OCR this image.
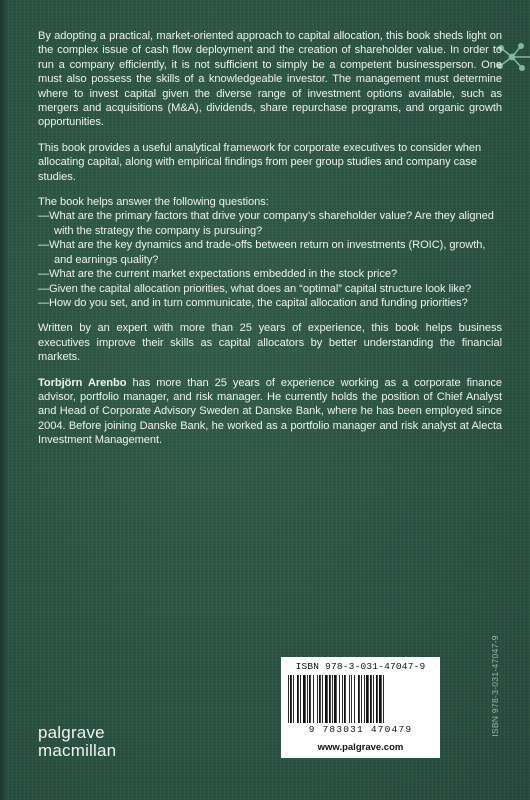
By adopting a practical, market-oriented approach to capital allocation, this book sheds light on the complex issue of cash flow deployment and the creation of shareholder value. In order to run a company efficiently, it is not sufficient to simply be a competent businessperson. One must also possess the skills of a knowledgeable investor. The management must determine where to invest capital given the diverse range of investment options available, such as mergers and acquisitions (M&A), dividends, share repurchase programs, and organic growth opportunities.

This book provides a useful analytical framework for corporate executives to consider when allocating capital, along with empirical findings from peer group studies and company case studies.

The book helps answer the following questions:

—What are the primary factors that drive your company’s shareholder value? Are they aligned with the strategy the company is pursuing?
—What are the key dynamics and trade-offs between return on investments (ROIC), growth, and earnings quality?
—What are the current market expectations embedded in the stock price?
—Given the capital allocation priorities, what does an “optimal” capital structure look like?
—How do you set, and in turn communicate, the capital allocation and funding priorities?

Written by an expert with more than 25 years of experience, this book helps business executives improve their skills as capital allocators by better understanding the financial markets.

Torbjörn Arenbo has more than 25 years of experience working as a corporate finance advisor, portfolio manager, and risk manager. He currently holds the position of Chief Analyst and Head of Corporate Advisory Sweden at Danske Bank, where he has been employed since 2004. Before joining Danske Bank, he worked as a portfolio manager and risk analyst at Alecta Investment Management.

ISBN 978-3-031-47047-9
9 783031 470479
www.palgrave.com
palgrave
macmillan
ISBN 978-3-031-47047-9
